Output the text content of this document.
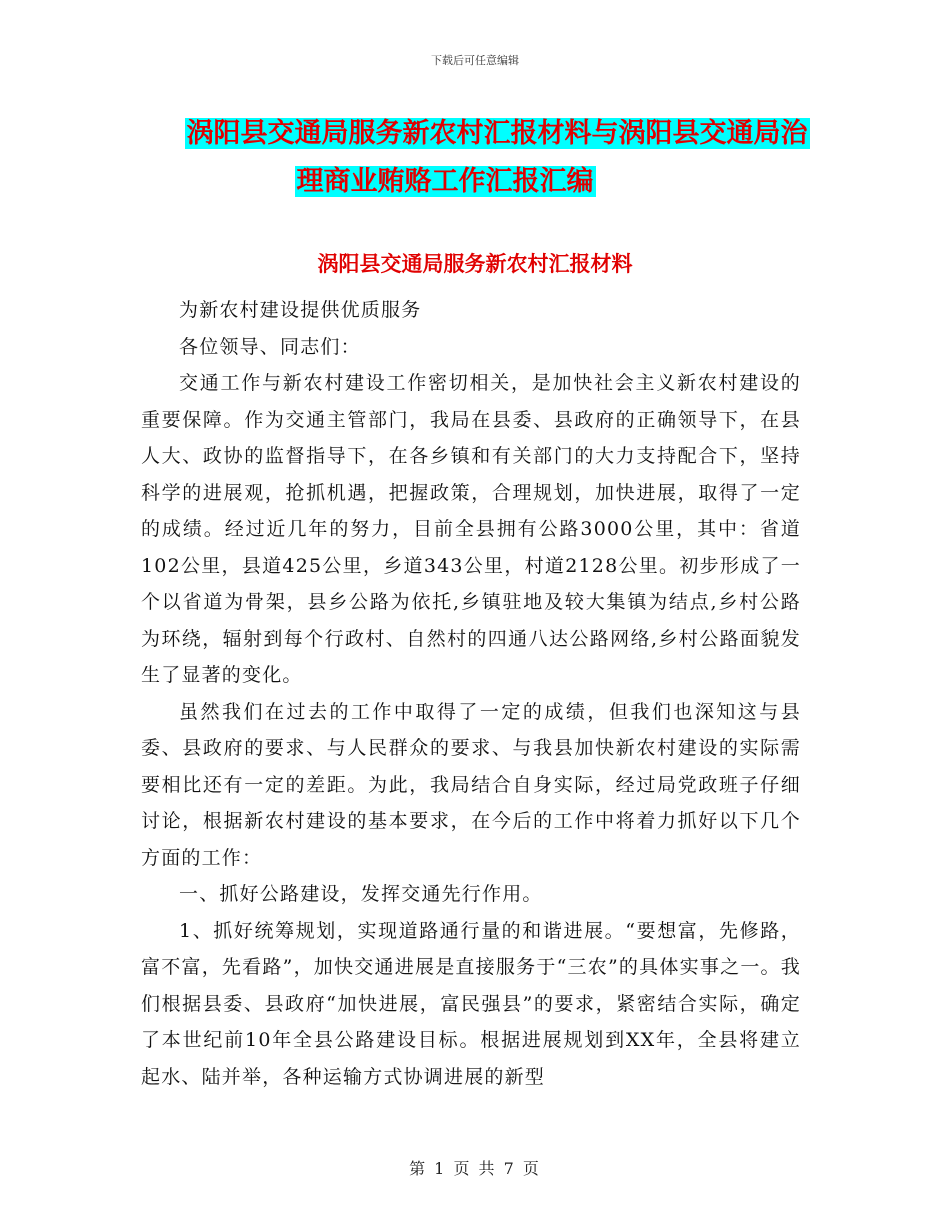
下载后可任意编辑
涡阳县交通局服务新农村汇报材料与涡阳县交通局治
理商业贿赂工作汇报汇编
涡阳县交通局服务新农村汇报材料

为新农村建设提供优质服务

各位领导、同志们：

交通工作与新农村建设工作密切相关，是加快社会主义新农村建设的重要保障。作为交通主管部门，我局在县委、县政府的正确领导下，在县人大、政协的监督指导下，在各乡镇和有关部门的大力支持配合下，坚持科学的进展观，抢抓机遇，把握政策，合理规划，加快进展，取得了一定的成绩。经过近几年的努力，目前全县拥有公路3000公里，其中：省道102公里，县道425公里，乡道343公里，村道2128公里。初步形成了一个以省道为骨架，县乡公路为依托,乡镇驻地及较大集镇为结点,乡村公路为环绕，辐射到每个行政村、自然村的四通八达公路网络,乡村公路面貌发生了显著的变化。

虽然我们在过去的工作中取得了一定的成绩，但我们也深知这与县委、县政府的要求、与人民群众的要求、与我县加快新农村建设的实际需要相比还有一定的差距。为此，我局结合自身实际，经过局党政班子仔细讨论，根据新农村建设的基本要求，在今后的工作中将着力抓好以下几个方面的工作：

一、抓好公路建设，发挥交通先行作用。

1、抓好统筹规划，实现道路通行量的和谐进展。“要想富，先修路，富不富，先看路”，加快交通进展是直接服务于“三农”的具体实事之一。我们根据县委、县政府“加快进展，富民强县”的要求，紧密结合实际，确定了本世纪前10年全县公路建设目标。根据进展规划到XX年，全县将建立起水、陆并举，各种运输方式协调进展的新型

第 1 页 共 7 页
